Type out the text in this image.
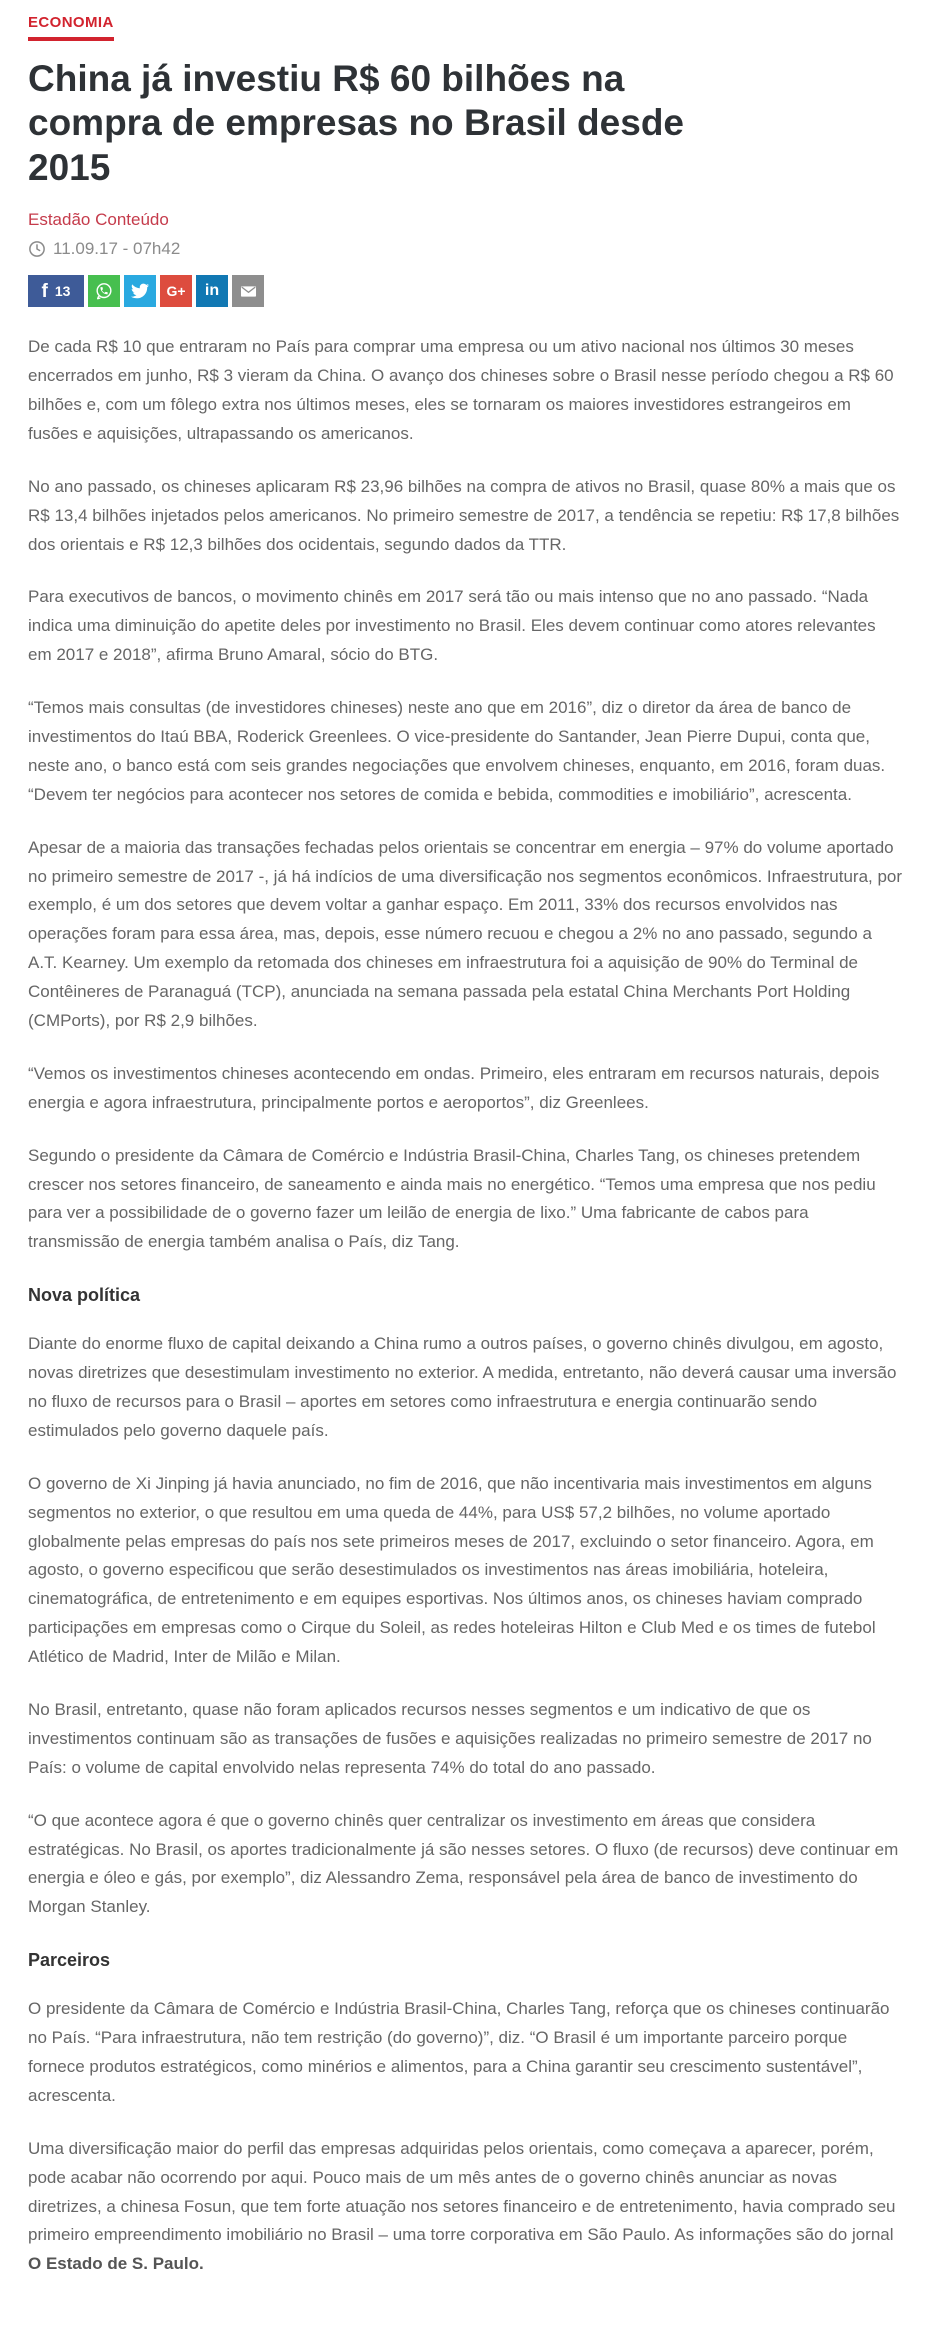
ECONOMIA
China já investiu R$ 60 bilhões na compra de empresas no Brasil desde 2015
Estadão Conteúdo
11.09.17 - 07h42
f 13	G+ in

De cada R$ 10 que entraram no País para comprar uma empresa ou um ativo nacional nos últimos 30 meses encerrados em junho, R$ 3 vieram da China. O avanço dos chineses sobre o Brasil nesse período chegou a R$ 60 bilhões e, com um fôlego extra nos últimos meses, eles se tornaram os maiores investidores estrangeiros em fusões e aquisições, ultrapassando os americanos.

No ano passado, os chineses aplicaram R$ 23,96 bilhões na compra de ativos no Brasil, quase 80% a mais que os R$ 13,4 bilhões injetados pelos americanos. No primeiro semestre de 2017, a tendência se repetiu: R$ 17,8 bilhões dos orientais e R$ 12,3 bilhões dos ocidentais, segundo dados da TTR.

Para executivos de bancos, o movimento chinês em 2017 será tão ou mais intenso que no ano passado. “Nada indica uma diminuição do apetite deles por investimento no Brasil. Eles devem continuar como atores relevantes em 2017 e 2018”, afirma Bruno Amaral, sócio do BTG.

“Temos mais consultas (de investidores chineses) neste ano que em 2016”, diz o diretor da área de banco de investimentos do Itaú BBA, Roderick Greenlees. O vice-presidente do Santander, Jean Pierre Dupui, conta que, neste ano, o banco está com seis grandes negociações que envolvem chineses, enquanto, em 2016, foram duas. “Devem ter negócios para acontecer nos setores de comida e bebida, commodities e imobiliário”, acrescenta.

Apesar de a maioria das transações fechadas pelos orientais se concentrar em energia – 97% do volume aportado no primeiro semestre de 2017 -, já há indícios de uma diversificação nos segmentos econômicos. Infraestrutura, por exemplo, é um dos setores que devem voltar a ganhar espaço. Em 2011, 33% dos recursos envolvidos nas operações foram para essa área, mas, depois, esse número recuou e chegou a 2% no ano passado, segundo a A.T. Kearney. Um exemplo da retomada dos chineses em infraestrutura foi a aquisição de 90% do Terminal de Contêineres de Paranaguá (TCP), anunciada na semana passada pela estatal China Merchants Port Holding (CMPorts), por R$ 2,9 bilhões.

“Vemos os investimentos chineses acontecendo em ondas. Primeiro, eles entraram em recursos naturais, depois energia e agora infraestrutura, principalmente portos e aeroportos”, diz Greenlees.

Segundo o presidente da Câmara de Comércio e Indústria Brasil-China, Charles Tang, os chineses pretendem crescer nos setores financeiro, de saneamento e ainda mais no energético. “Temos uma empresa que nos pediu para ver a possibilidade de o governo fazer um leilão de energia de lixo.” Uma fabricante de cabos para transmissão de energia também analisa o País, diz Tang.

Nova política

Diante do enorme fluxo de capital deixando a China rumo a outros países, o governo chinês divulgou, em agosto, novas diretrizes que desestimulam investimento no exterior. A medida, entretanto, não deverá causar uma inversão no fluxo de recursos para o Brasil – aportes em setores como infraestrutura e energia continuarão sendo estimulados pelo governo daquele país.

O governo de Xi Jinping já havia anunciado, no fim de 2016, que não incentivaria mais investimentos em alguns segmentos no exterior, o que resultou em uma queda de 44%, para US$ 57,2 bilhões, no volume aportado globalmente pelas empresas do país nos sete primeiros meses de 2017, excluindo o setor financeiro. Agora, em agosto, o governo especificou que serão desestimulados os investimentos nas áreas imobiliária, hoteleira, cinematográfica, de entretenimento e em equipes esportivas. Nos últimos anos, os chineses haviam comprado participações em empresas como o Cirque du Soleil, as redes hoteleiras Hilton e Club Med e os times de futebol Atlético de Madrid, Inter de Milão e Milan.

No Brasil, entretanto, quase não foram aplicados recursos nesses segmentos e um indicativo de que os investimentos continuam são as transações de fusões e aquisições realizadas no primeiro semestre de 2017 no País: o volume de capital envolvido nelas representa 74% do total do ano passado.

“O que acontece agora é que o governo chinês quer centralizar os investimento em áreas que considera estratégicas. No Brasil, os aportes tradicionalmente já são nesses setores. O fluxo (de recursos) deve continuar em energia e óleo e gás, por exemplo”, diz Alessandro Zema, responsável pela área de banco de investimento do Morgan Stanley.

Parceiros

O presidente da Câmara de Comércio e Indústria Brasil-China, Charles Tang, reforça que os chineses continuarão no País. “Para infraestrutura, não tem restrição (do governo)”, diz. “O Brasil é um importante parceiro porque fornece produtos estratégicos, como minérios e alimentos, para a China garantir seu crescimento sustentável”, acrescenta.

Uma diversificação maior do perfil das empresas adquiridas pelos orientais, como começava a aparecer, porém, pode acabar não ocorrendo por aqui. Pouco mais de um mês antes de o governo chinês anunciar as novas diretrizes, a chinesa Fosun, que tem forte atuação nos setores financeiro e de entretenimento, havia comprado seu primeiro empreendimento imobiliário no Brasil – uma torre corporativa em São Paulo. As informações são do jornal O Estado de S. Paulo.
